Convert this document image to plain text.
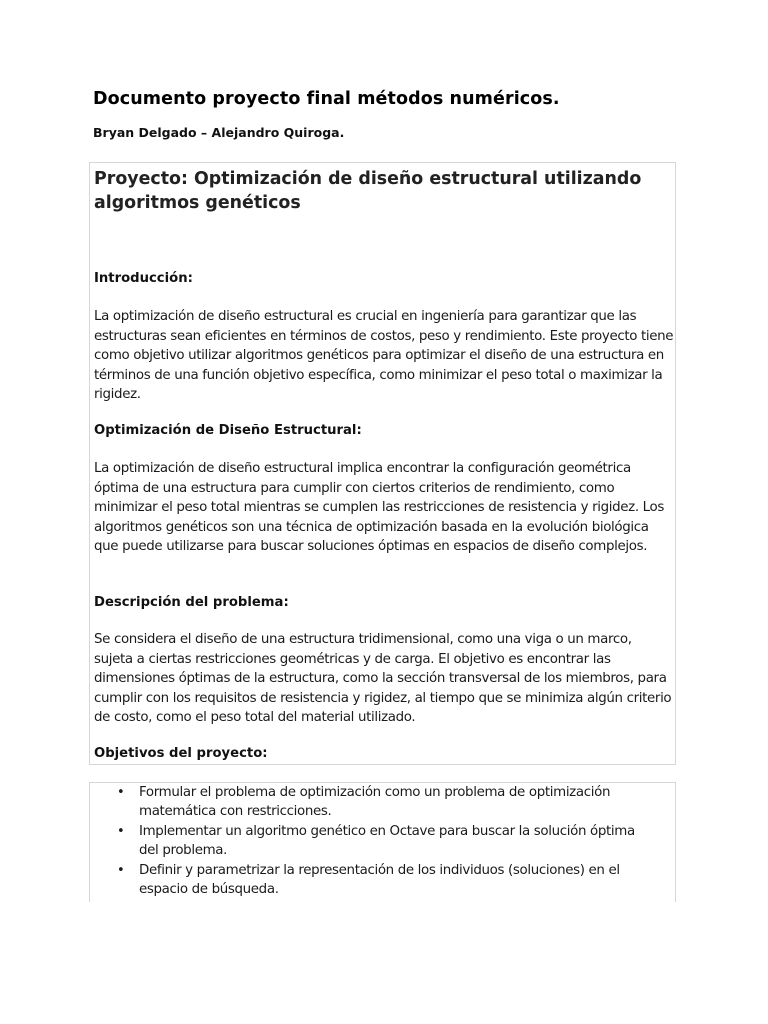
Documento proyecto final métodos numéricos.
Bryan Delgado – Alejandro Quiroga.
Proyecto: Optimización de diseño estructural utilizando algoritmos genéticos
Introducción:
La optimización de diseño estructural es crucial en ingeniería para garantizar que las estructuras sean eficientes en términos de costos, peso y rendimiento. Este proyecto tiene como objetivo utilizar algoritmos genéticos para optimizar el diseño de una estructura en términos de una función objetivo específica, como minimizar el peso total o maximizar la rigidez.
Optimización de Diseño Estructural:
La optimización de diseño estructural implica encontrar la configuración geométrica óptima de una estructura para cumplir con ciertos criterios de rendimiento, como minimizar el peso total mientras se cumplen las restricciones de resistencia y rigidez. Los algoritmos genéticos son una técnica de optimización basada en la evolución biológica que puede utilizarse para buscar soluciones óptimas en espacios de diseño complejos.
Descripción del problema:
Se considera el diseño de una estructura tridimensional, como una viga o un marco, sujeta a ciertas restricciones geométricas y de carga. El objetivo es encontrar las dimensiones óptimas de la estructura, como la sección transversal de los miembros, para cumplir con los requisitos de resistencia y rigidez, al tiempo que se minimiza algún criterio de costo, como el peso total del material utilizado.
Objetivos del proyecto:
• Formular el problema de optimización como un problema de optimización matemática con restricciones.
• Implementar un algoritmo genético en Octave para buscar la solución óptima del problema.
• Definir y parametrizar la representación de los individuos (soluciones) en el espacio de búsqueda.
